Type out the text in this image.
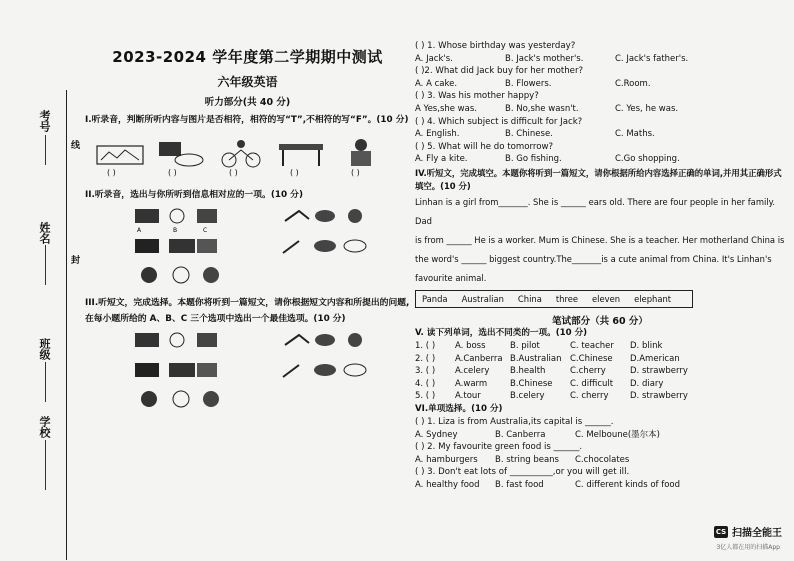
考号
线
姓名
封
班级
学校
2023-2024 学年度第二学期期中测试
六年级英语
听力部分(共 40 分)
I.听录音，判断所听内容与图片是否相符，相符的写“T”,不相符的写“F”。(10 分)
( )	( )	( )	( )	( )
II.听录音，选出与你所听到信息相对应的一项。(10 分)
A	B	C
III.听短文，完成选择。本题你将听到一篇短文，请你根据短文内容和所提出的问题,在每小题所给的 A、B、C 三个选项中选出一个最佳选项。(10 分)
( ) 1. Whose birthday was yesterday?
A. Jack's.	B. Jack's mother's.	C. Jack's father's.
( )2. What did Jack buy for her mother?
A. A cake.	B. Flowers.	C.Room.
( ) 3. Was his mother happy?
A Yes,she was.	B. No,she wasn't.	C. Yes, he was.
( ) 4. Which subject is difficult for Jack?
A. English.	B. Chinese.	C. Maths.
( ) 5. What will he do tomorrow?
A. Fly a kite.	B. Go fishing.	C.Go shopping.
IV.听短文，完成填空。本题你将听到一篇短文，请你根据所给内容选择正确的单词,并用其正确形式填空。(10 分)
Linhan is a girl from_______. She is ______ ears old. There are four people in her family. Dad
is from ______ He is a worker. Mum is Chinese. She is a teacher. Her motherland China is
the word's ______ biggest country.The_______is a cute animal from China. It's Linhan's
favourite animal.
Panda Australian China three eleven elephant
笔试部分（共 60 分）
V. 读下列单词，选出不同类的一项。(10 分)
1. ( )	A. boss	B. pilot	C. teacher	D. blink
2. ( )	A.Canberra B.Australian C.Chinese	D.American
3. ( )	A.celery	B.health	C.cherry	D. strawberry
4. ( )	A.warm	B.Chinese	C. difficult	D. diary
5. ( )	A.tour	B.celery	C. cherry	D. strawberry
VI.单项选择。(10 分)
( ) 1. Liza is from Australia,its capital is ______.
A. Sydney	B. Canberra	C. Melboune(墨尔本)
( ) 2. My favourite green food is ______.
A. hamburgers	B. string beans	C.chocolates
( ) 3. Don't eat lots of __________,or you will get ill.
A. healthy food	B. fast food	C. different kinds of food
CS 扫描全能王
3亿人都在用的扫描App
